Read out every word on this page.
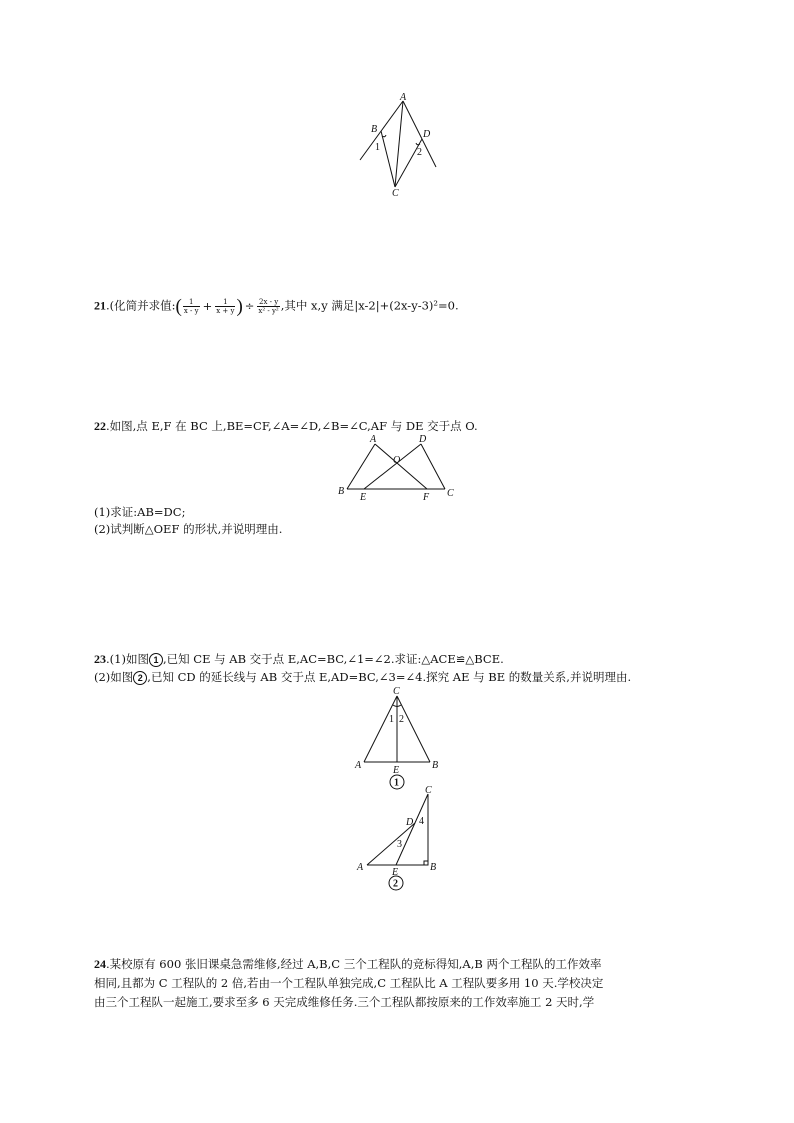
A
B	D
C
1	2
21.(化简并求值:( $\frac{1}{x - y} + \frac{1}{x + y}$ ) ÷ $\frac{2x - y}{\text{x² - y²}}$ ,其中 x,y 满足|x-2|+(2x-y-3)²=0.
22.如图,点 E,F 在 BC 上,BE=CF,∠A=∠D,∠B=∠C,AF 与 DE 交于点 O.
A	D
O
B
E	F C
(1)求证:AB=DC;
(2)试判断△OEF 的形状,并说明理由.
23.(1)如图 1 ,已知 CE 与 AB 交于点 E,AC=BC,∠1=∠2.求证:△ACE≌△BCE.
(2)如图 2 ,已知 CD 的延长线与 AB 交于点 E,AD=BC,∠3=∠4.探究 AE 与 BE 的数量关系,并说明理由.
C
1 2
A	B
E
1
C
D 4
3
A	B
E
2
24.某校原有 600 张旧课桌急需维修,经过 A,B,C 三个工程队的竞标得知,A,B 两个工程队的工作效率
相同,且都为 C 工程队的 2 倍,若由一个工程队单独完成,C 工程队比 A 工程队要多用 10 天.学校决定
由三个工程队一起施工,要求至多 6 天完成维修任务.三个工程队都按原来的工作效率施工 2 天时,学
